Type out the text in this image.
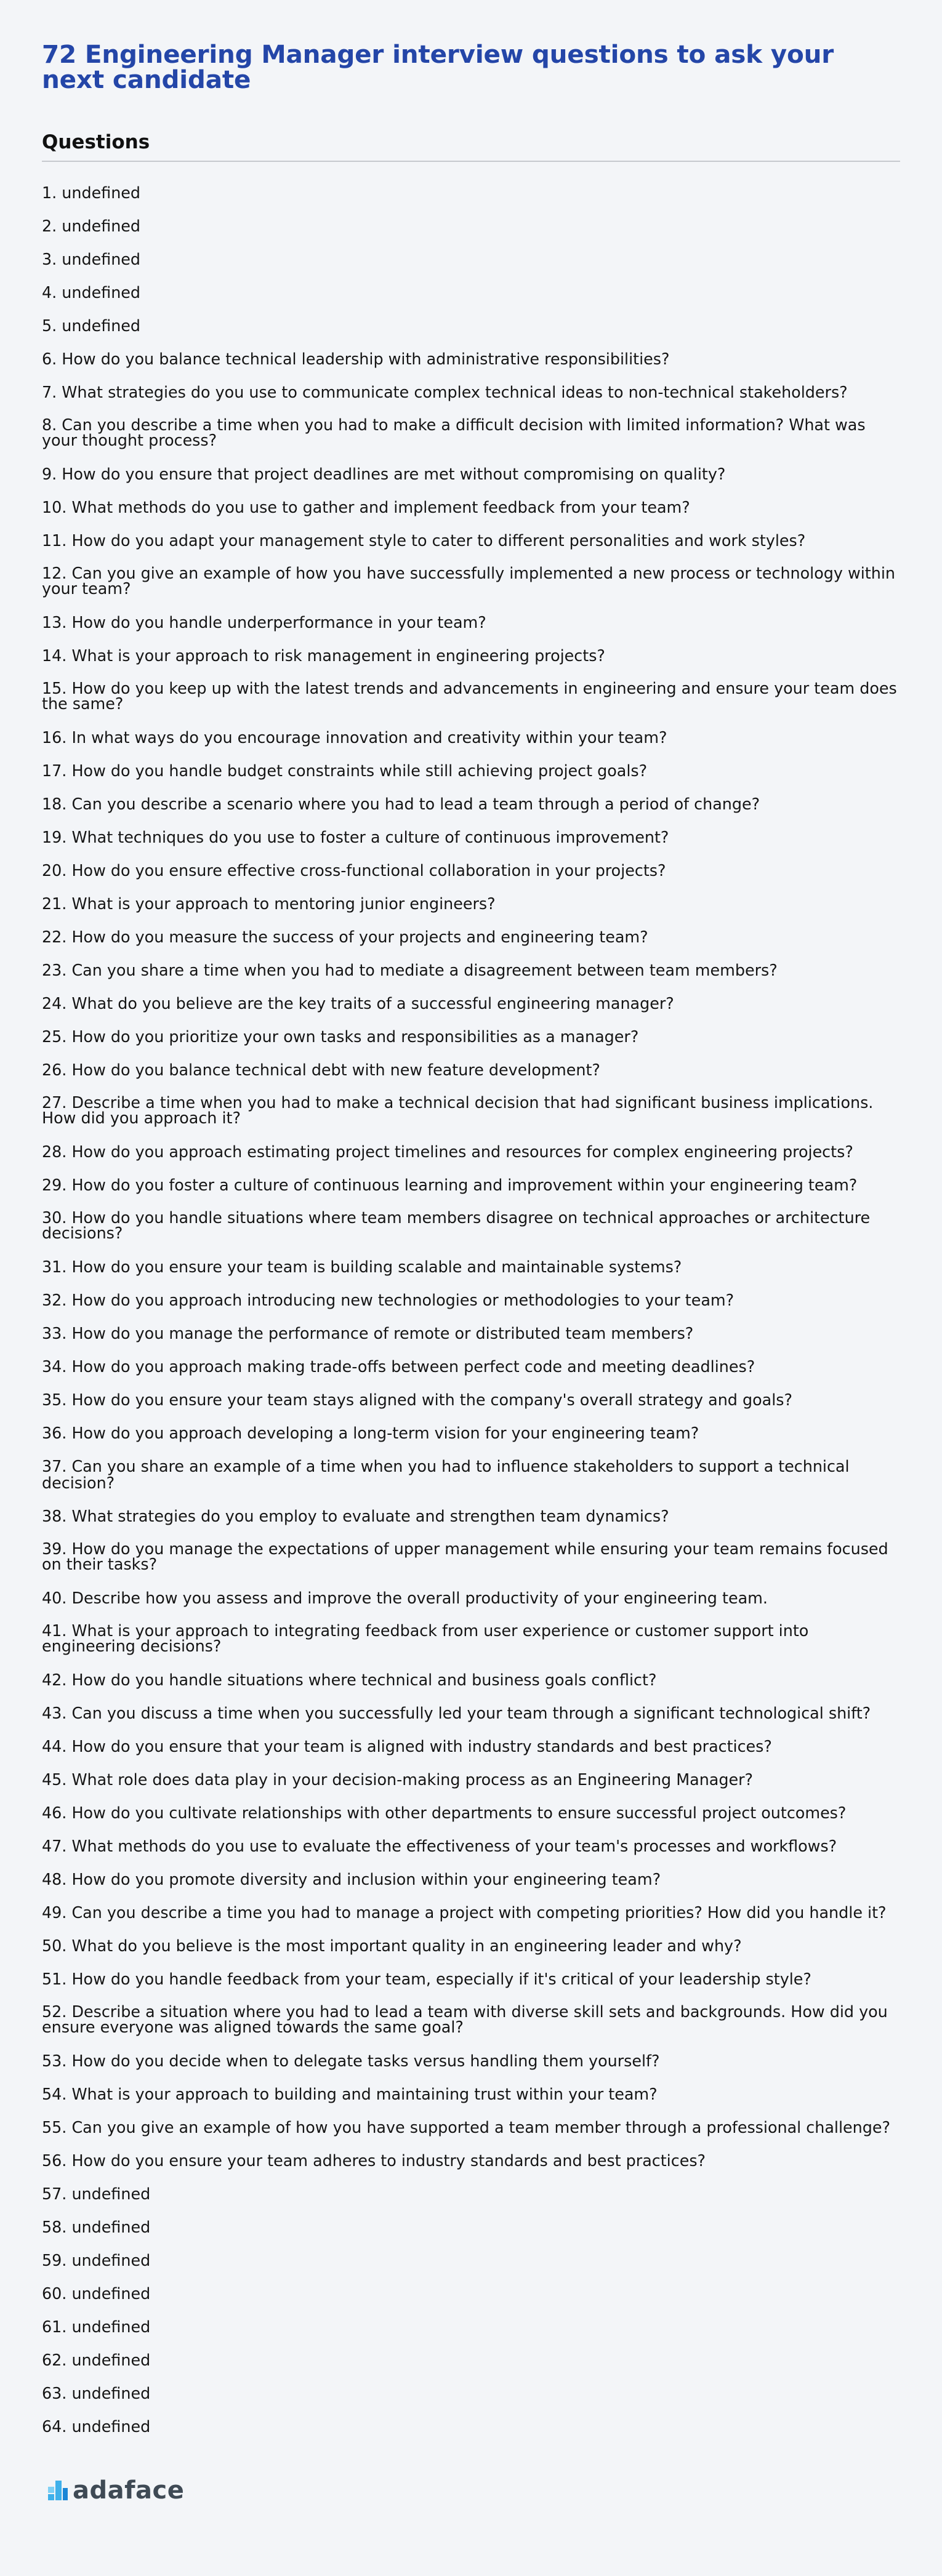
72 Engineering Manager interview questions to ask your next candidate
Questions

1. undefined

2. undefined

3. undefined

4. undefined

5. undefined

6. How do you balance technical leadership with administrative responsibilities?

7. What strategies do you use to communicate complex technical ideas to non-technical stakeholders?

8. Can you describe a time when you had to make a difficult decision with limited information? What was your thought process?

9. How do you ensure that project deadlines are met without compromising on quality?

10. What methods do you use to gather and implement feedback from your team?

11. How do you adapt your management style to cater to different personalities and work styles?

12. Can you give an example of how you have successfully implemented a new process or technology within your team?

13. How do you handle underperformance in your team?

14. What is your approach to risk management in engineering projects?

15. How do you keep up with the latest trends and advancements in engineering and ensure your team does the same?

16. In what ways do you encourage innovation and creativity within your team?

17. How do you handle budget constraints while still achieving project goals?

18. Can you describe a scenario where you had to lead a team through a period of change?

19. What techniques do you use to foster a culture of continuous improvement?

20. How do you ensure effective cross-functional collaboration in your projects?

21. What is your approach to mentoring junior engineers?

22. How do you measure the success of your projects and engineering team?

23. Can you share a time when you had to mediate a disagreement between team members?

24. What do you believe are the key traits of a successful engineering manager?

25. How do you prioritize your own tasks and responsibilities as a manager?

26. How do you balance technical debt with new feature development?

27. Describe a time when you had to make a technical decision that had significant business implications. How did you approach it?

28. How do you approach estimating project timelines and resources for complex engineering projects?

29. How do you foster a culture of continuous learning and improvement within your engineering team?

30. How do you handle situations where team members disagree on technical approaches or architecture decisions?

31. How do you ensure your team is building scalable and maintainable systems?

32. How do you approach introducing new technologies or methodologies to your team?

33. How do you manage the performance of remote or distributed team members?

34. How do you approach making trade-offs between perfect code and meeting deadlines?

35. How do you ensure your team stays aligned with the company's overall strategy and goals?

36. How do you approach developing a long-term vision for your engineering team?

37. Can you share an example of a time when you had to influence stakeholders to support a technical decision?

38. What strategies do you employ to evaluate and strengthen team dynamics?

39. How do you manage the expectations of upper management while ensuring your team remains focused on their tasks?

40. Describe how you assess and improve the overall productivity of your engineering team.

41. What is your approach to integrating feedback from user experience or customer support into engineering decisions?

42. How do you handle situations where technical and business goals conflict?

43. Can you discuss a time when you successfully led your team through a significant technological shift?

44. How do you ensure that your team is aligned with industry standards and best practices?

45. What role does data play in your decision-making process as an Engineering Manager?

46. How do you cultivate relationships with other departments to ensure successful project outcomes?

47. What methods do you use to evaluate the effectiveness of your team's processes and workflows?

48. How do you promote diversity and inclusion within your engineering team?

49. Can you describe a time you had to manage a project with competing priorities? How did you handle it?

50. What do you believe is the most important quality in an engineering leader and why?

51. How do you handle feedback from your team, especially if it's critical of your leadership style?

52. Describe a situation where you had to lead a team with diverse skill sets and backgrounds. How did you ensure everyone was aligned towards the same goal?

53. How do you decide when to delegate tasks versus handling them yourself?

54. What is your approach to building and maintaining trust within your team?

55. Can you give an example of how you have supported a team member through a professional challenge?

56. How do you ensure your team adheres to industry standards and best practices?

57. undefined

58. undefined

59. undefined

60. undefined

61. undefined

62. undefined

63. undefined

64. undefined

adaface
